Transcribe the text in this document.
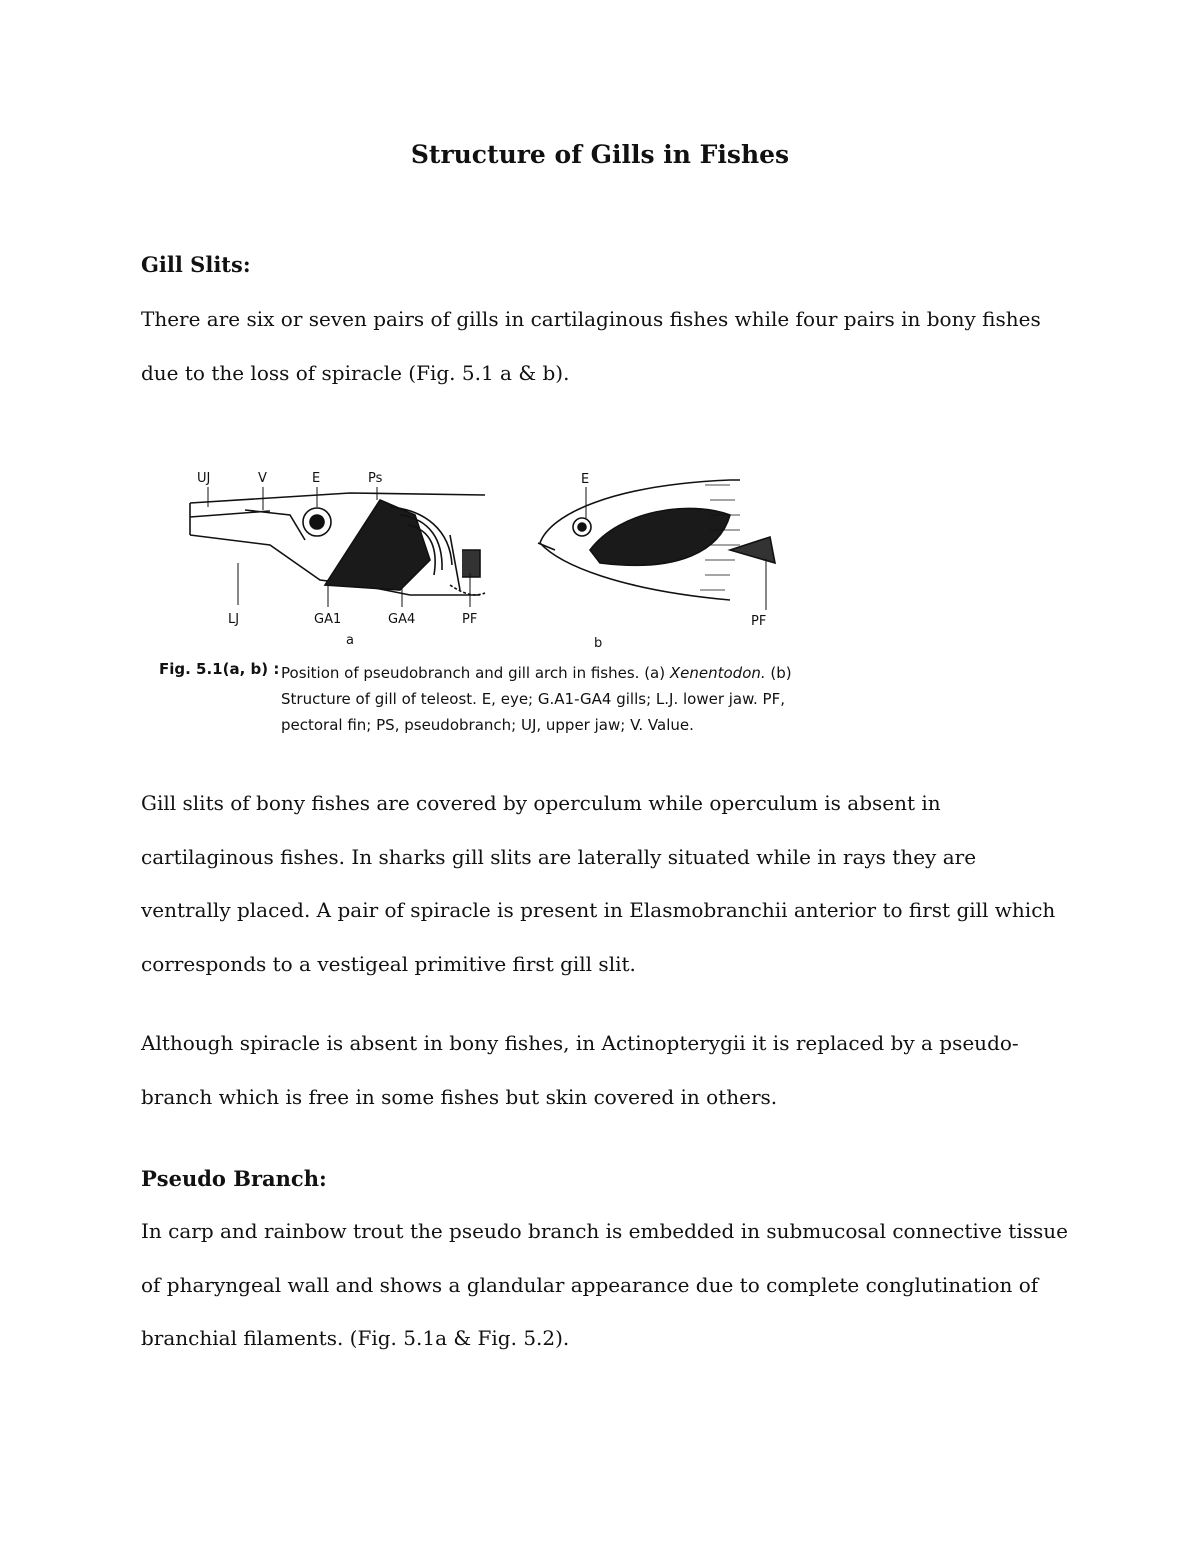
Structure of Gills in Fishes
Gill Slits:

There are six or seven pairs of gills in cartilaginous fishes while four pairs in bony fishes due to the loss of spiracle (Fig. 5.1 a & b).

UJ	V	E	Ps
LJ	GA1	GA4	PF
a
E
PF
b
Fig. 5.1(a, b) : Position of pseudobranch and gill arch in fishes. (a) Xenentodon. (b) Structure of gill of teleost. E, eye; G.A1-GA4 gills; L.J. lower jaw. PF, pectoral fin; PS, pseudobranch; UJ, upper jaw; V. Value.

Gill slits of bony fishes are covered by operculum while operculum is absent in cartilaginous fishes. In sharks gill slits are laterally situated while in rays they are ventrally placed. A pair of spiracle is present in Elasmobranchii anterior to first gill which corresponds to a vestigeal primitive first gill slit.

Although spiracle is absent in bony fishes, in Actinopterygii it is replaced by a pseudo-branch which is free in some fishes but skin covered in others.

Pseudo Branch:

In carp and rainbow trout the pseudo branch is embedded in submucosal connective tissue of pharyngeal wall and shows a glandular appearance due to complete conglutination of branchial filaments. (Fig. 5.1a & Fig. 5.2).
